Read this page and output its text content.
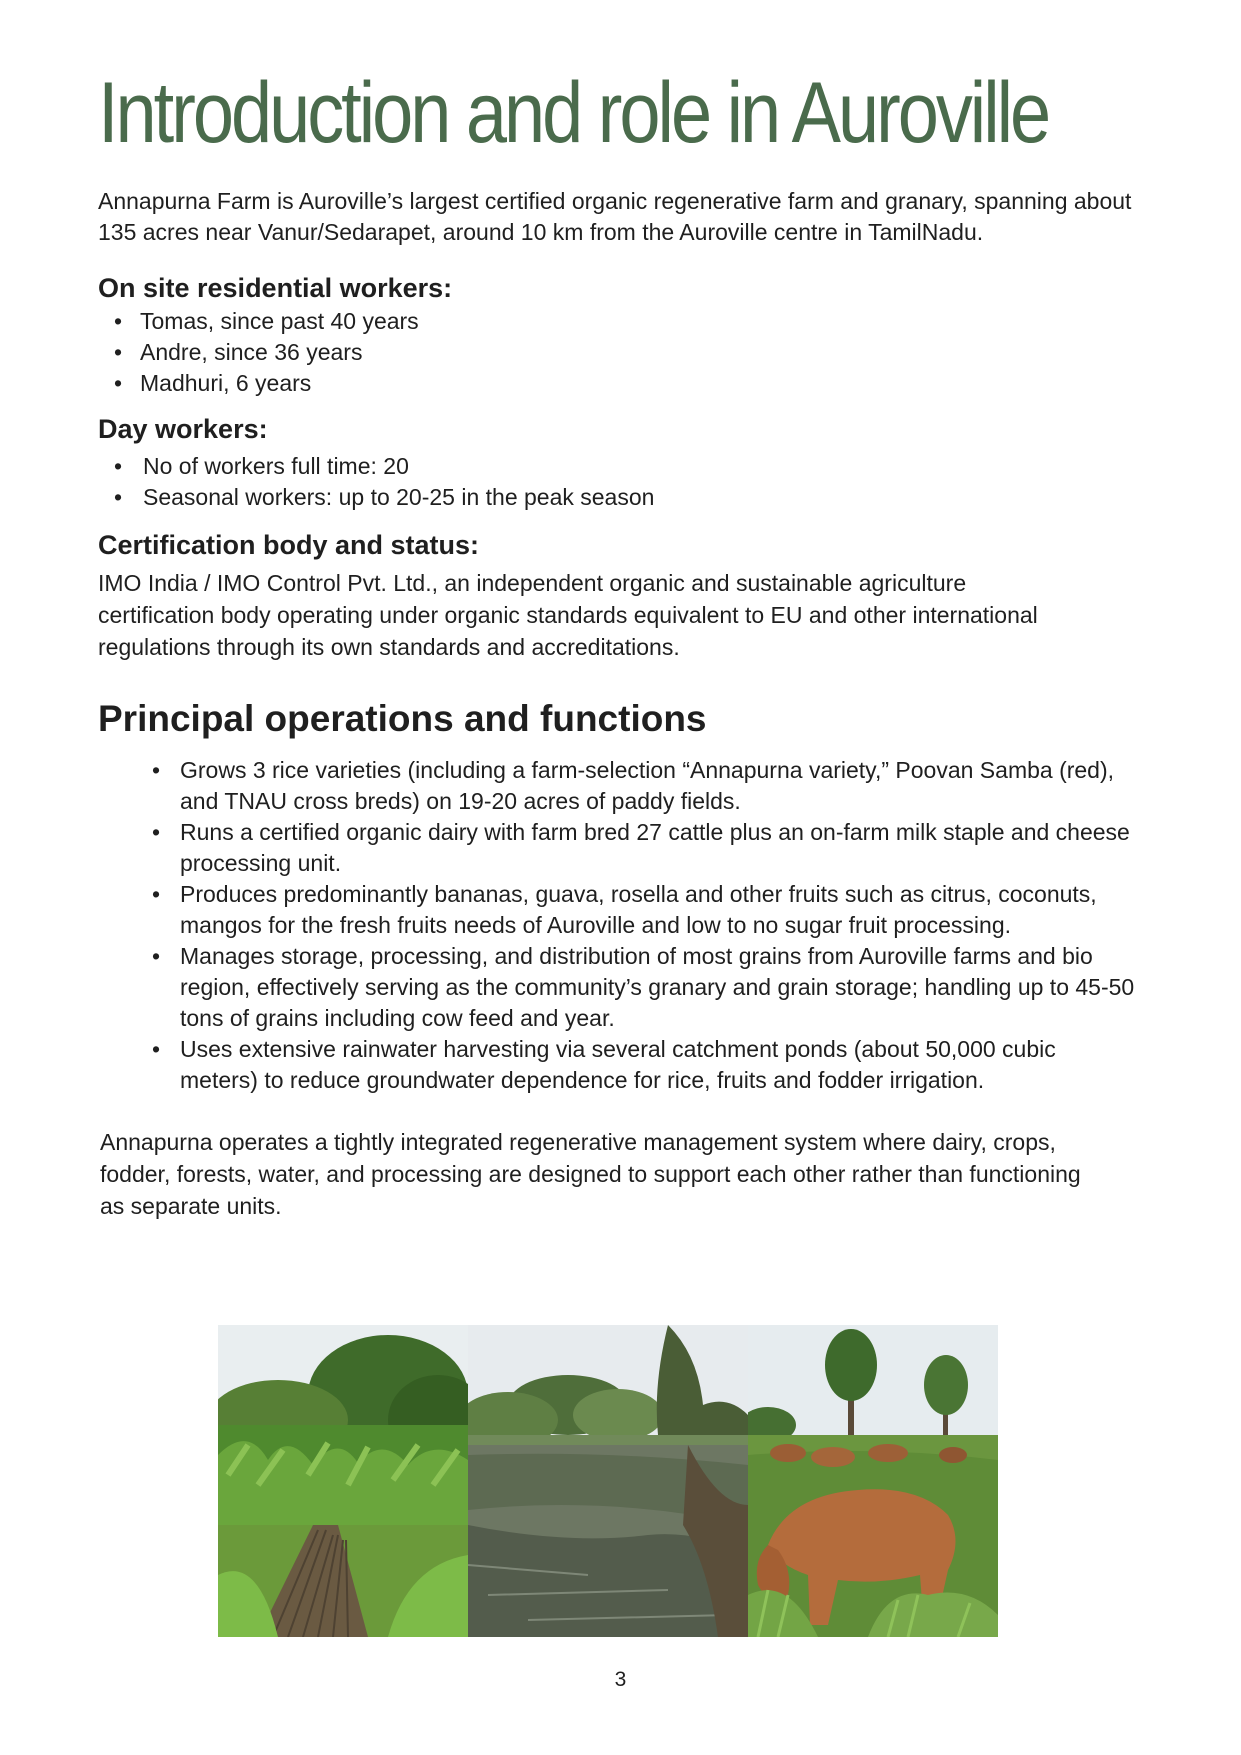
Introduction and role in Auroville

Annapurna Farm is Auroville’s largest certified organic regenerative farm and granary, spanning about 135 acres near Vanur/Sedarapet, around 10 km from the Auroville centre in TamilNadu.

On site residential workers:
• Tomas, since past 40 years
• Andre, since 36 years
• Madhuri, 6 years
Day workers:
• No of workers full time: 20
• Seasonal workers: up to 20-25 in the peak season
Certification body and status:

IMO India / IMO Control Pvt. Ltd., an independent organic and sustainable agriculture certification body operating under organic standards equivalent to EU and other international regulations through its own standards and accreditations.

Principal operations and functions
• Grows 3 rice varieties (including a farm-selection “Annapurna variety,” Poovan Samba (red), and TNAU cross breds) on 19-20 acres of paddy fields.
• Runs a certified organic dairy with farm bred 27 cattle plus an on-farm milk staple and cheese processing unit.
• Produces predominantly bananas, guava, rosella and other fruits such as citrus, coconuts, mangos for the fresh fruits needs of Auroville and low to no sugar fruit processing.
• Manages storage, processing, and distribution of most grains from Auroville farms and bio region, effectively serving as the community’s granary and grain storage; handling up to 45-50 tons of grains including cow feed and year.
• Uses extensive rainwater harvesting via several catchment ponds (about 50,000 cubic meters) to reduce groundwater dependence for rice, fruits and fodder irrigation.

Annapurna operates a tightly integrated regenerative management system where dairy, crops, fodder, forests, water, and processing are designed to support each other rather than functioning as separate units.

3
